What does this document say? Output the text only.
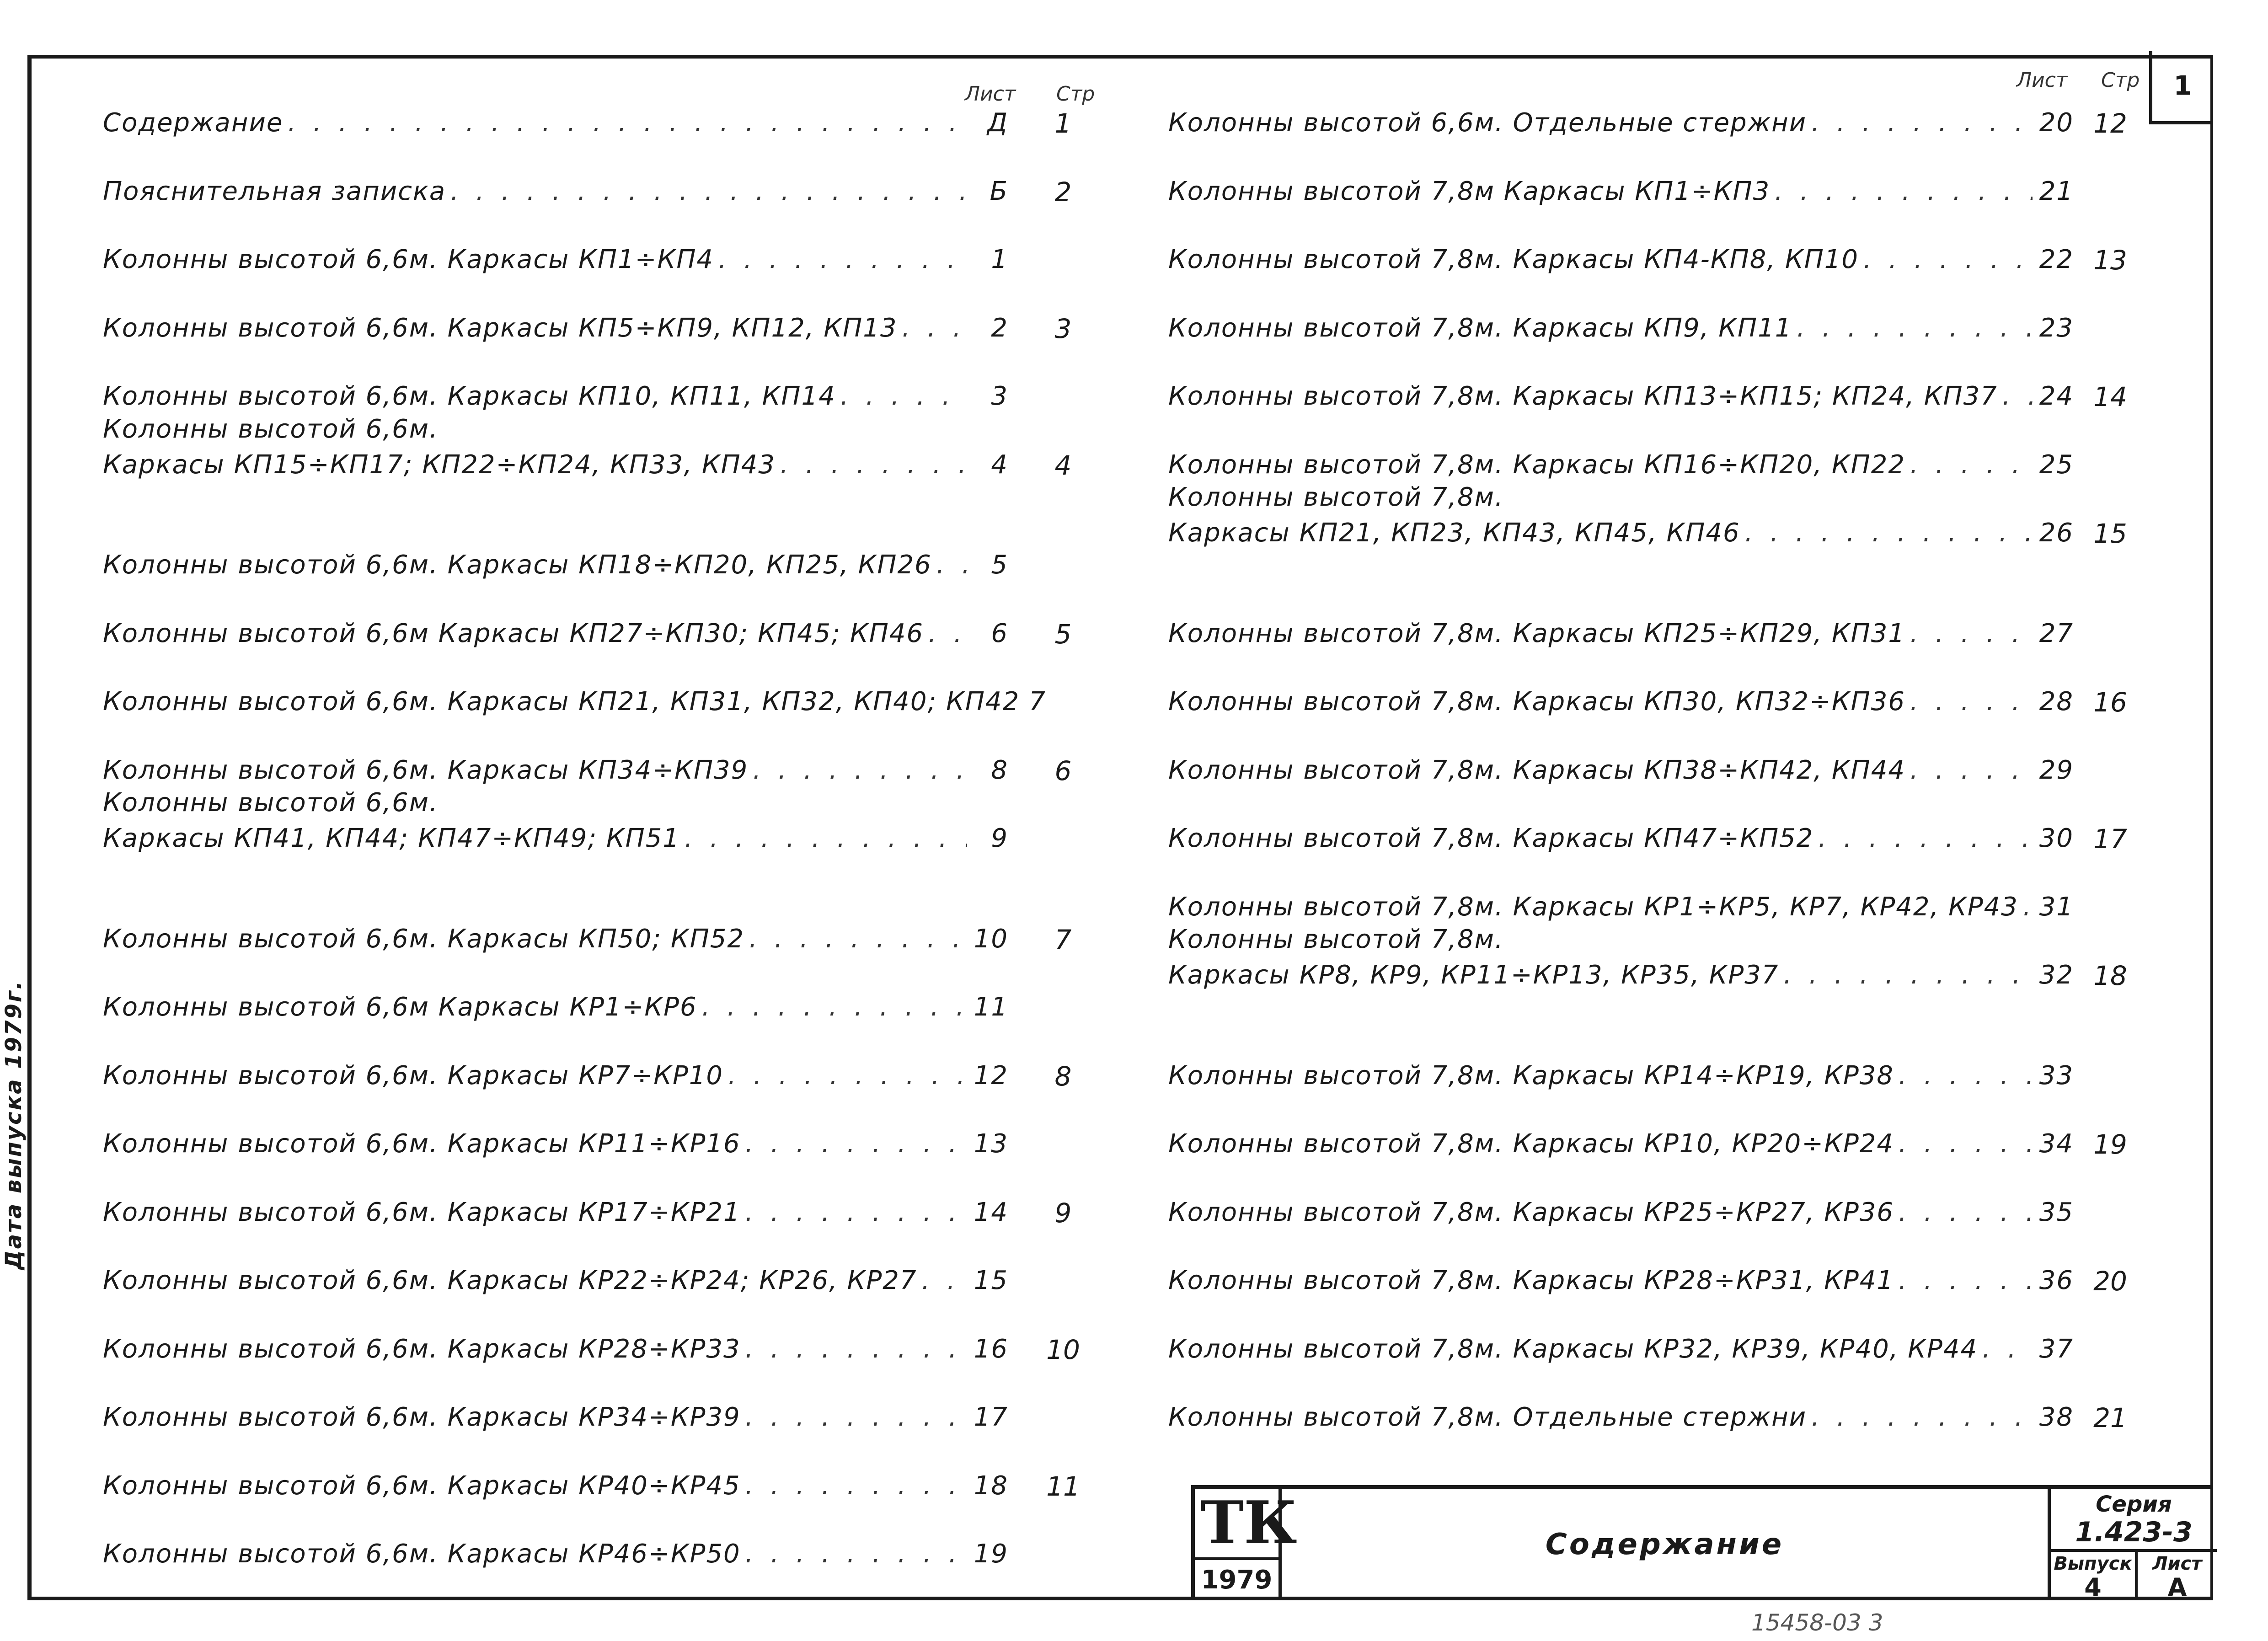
1
Дата выпуска 1979г.
Лист Стр
Содержание . . .	Д	1
Пояснительная записка . . .	Б	2
Колонны высотой 6,6м. Каркасы КП1÷КП4 . . .	1
Колонны высотой 6,6м. Каркасы КП5÷КП9, КП12, КП13 . . .	2	3
Колонны высотой 6,6м. Каркасы КП10, КП11, КП14 . . .	3
Колонны высотой 6,6м.
Каркасы КП15÷КП17; КП22÷КП24, КП33, КП43 . . .	4	4
Колонны высотой 6,6м. Каркасы КП18÷КП20, КП25, КП26 . . .	5
Колонны высотой 6,6м Каркасы КП27÷КП30; КП45; КП46 . . .	6	5
Колонны высотой 6,6м. Каркасы КП21, КП31, КП32, КП40; КП42 7
Колонны высотой 6,6м. Каркасы КП34÷КП39 . . .	8	6
Колонны высотой 6,6м.
Каркасы КП41, КП44; КП47÷КП49; КП51 . . .	9
Колонны высотой 6,6м. Каркасы КП50; КП52 . . .	10	7
Колонны высотой 6,6м Каркасы КР1÷КР6 . . .	11
Колонны высотой 6,6м. Каркасы КР7÷КР10 . . .	12	8
Колонны высотой 6,6м. Каркасы КР11÷КР16 . . .	13
Колонны высотой 6,6м. Каркасы КР17÷КР21 . . .	14	9
Колонны высотой 6,6м. Каркасы КР22÷КР24; КР26, КР27 . . . 15
Колонны высотой 6,6м. Каркасы КР28÷КР33 . . .	16	10
Колонны высотой 6,6м. Каркасы КР34÷КР39 . . .	17
Колонны высотой 6,6м. Каркасы КР40÷КР45 . . .	18	11
Колонны высотой 6,6м. Каркасы КР46÷КР50 . . .	19
Лист Стр
Колонны высотой 6,6м. Отдельные стержни . . .	20 12
Колонны высотой 7,8м Каркасы КП1÷КП3 . . .	21
Колонны высотой 7,8м. Каркасы КП4-КП8, КП10 . . .	22 13
Колонны высотой 7,8м. Каркасы КП9, КП11 . . .	23
Колонны высотой 7,8м. Каркасы КП13÷КП15; КП24, КП37 . . . 24 14
Колонны высотой 7,8м. Каркасы КП16÷КП20, КП22 . . .	25
Колонны высотой 7,8м.
Каркасы КП21, КП23, КП43, КП45, КП46 . . .	26 15
Колонны высотой 7,8м. Каркасы КП25÷КП29, КП31 . . .	27
Колонны высотой 7,8м. Каркасы КП30, КП32÷КП36 . . .	28 16
Колонны высотой 7,8м. Каркасы КП38÷КП42, КП44 . . .	29
Колонны высотой 7,8м. Каркасы КП47÷КП52 . . .	30 17
Колонны высотой 7,8м. Каркасы КР1÷КР5, КР7, КР42, КР43 . . . 31
Колонны высотой 7,8м.
Каркасы КР8, КР9, КР11÷КР13, КР35, КР37 . . .	32 18
Колонны высотой 7,8м. Каркасы КР14÷КР19, КР38 . . .	33
Колонны высотой 7,8м. Каркасы КР10, КР20÷КР24 . . .	34 19
Колонны высотой 7,8м. Каркасы КР25÷КР27, КР36 . . .	35
Колонны высотой 7,8м. Каркасы КР28÷КР31, КР41 . . .	36 20
Колонны высотой 7,8м. Каркасы КР32, КР39, КР40, КР44 . . . 37
Колонны высотой 7,8м. Отдельные стержни . . .	38 21
ТК
1979
Содержание
Серия
1.423-3
Выпуск
4
Лист
А
15458-03 3
